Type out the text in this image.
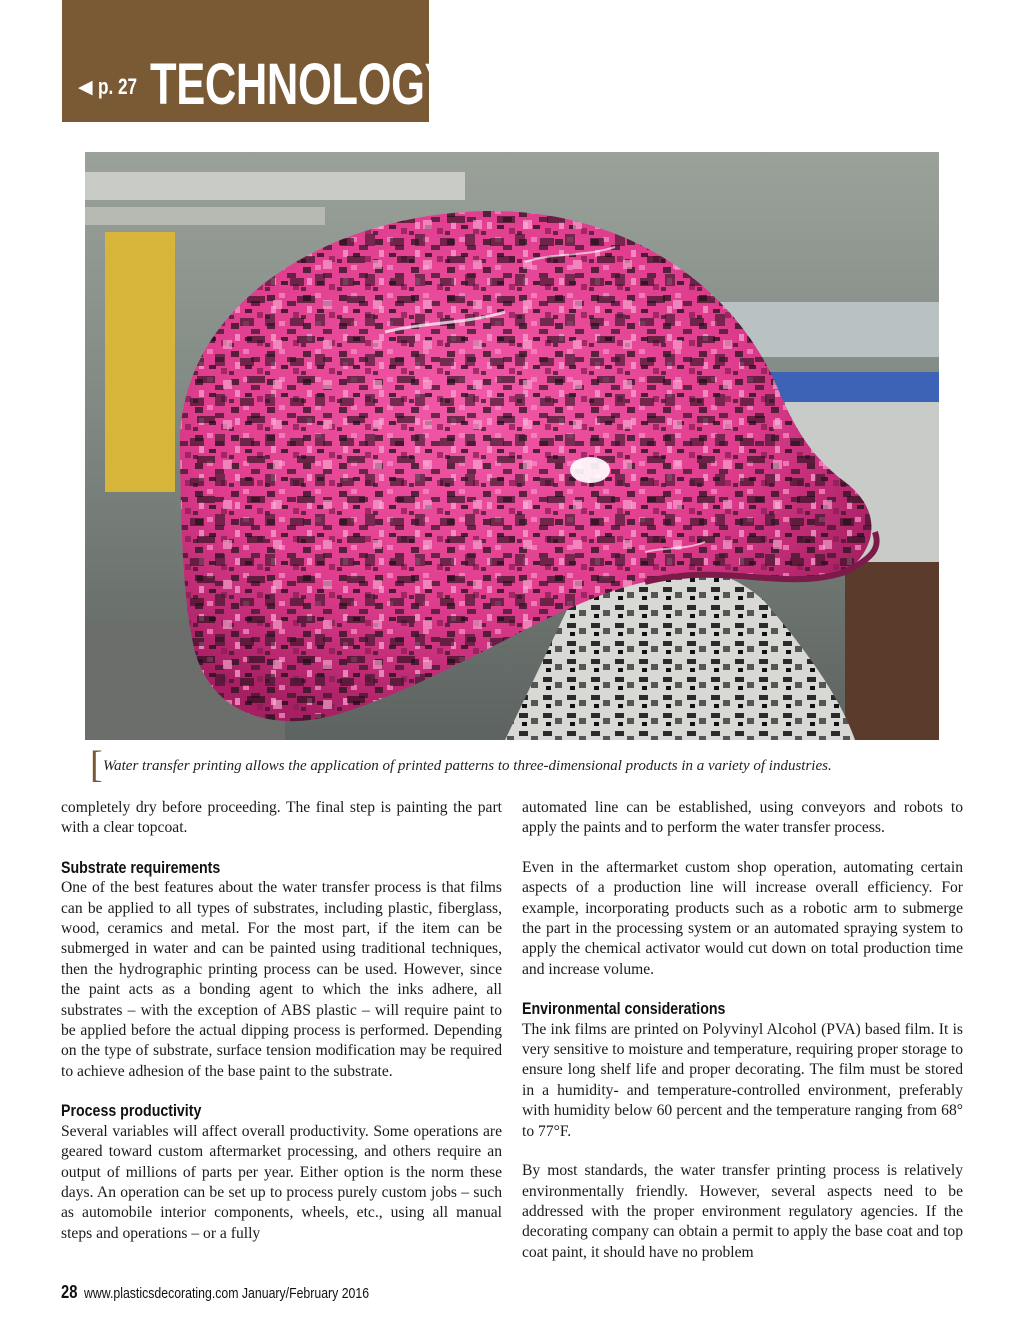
◀ p. 27 TECHNOLOGY
[ Water transfer printing allows the application of printed patterns to three-dimensional products in a variety of industries.

completely dry before proceeding. The final step is painting the part with a clear topcoat.

Substrate requirements

One of the best features about the water transfer process is that films can be applied to all types of substrates, including plastic, fiberglass, wood, ceramics and metal. For the most part, if the item can be submerged in water and can be painted using traditional techniques, then the hydrographic printing process can be used. However, since the paint acts as a bonding agent to which the inks adhere, all substrates – with the exception of ABS plastic – will require paint to be applied before the actual dipping process is performed. Depending on the type of substrate, surface tension modification may be required to achieve adhesion of the base paint to the substrate.

Process productivity

Several variables will affect overall productivity. Some operations are geared toward custom aftermarket processing, and others require an output of millions of parts per year. Either option is the norm these days. An operation can be set up to process purely custom jobs – such as automobile interior components, wheels, etc., using all manual steps and operations – or a fully

automated line can be established, using conveyors and robots to apply the paints and to perform the water transfer process.

Even in the aftermarket custom shop operation, automating certain aspects of a production line will increase overall efficiency. For example, incorporating products such as a robotic arm to submerge the part in the processing system or an automated spraying system to apply the chemical activator would cut down on total production time and increase volume.

Environmental considerations

The ink films are printed on Polyvinyl Alcohol (PVA) based film. It is very sensitive to moisture and temperature, requiring proper storage to ensure long shelf life and proper decorating. The film must be stored in a humidity- and temperature-controlled environment, preferably with humidity below 60 percent and the temperature ranging from 68° to 77°F.

By most standards, the water transfer printing process is relatively environmentally friendly. However, several aspects need to be addressed with the proper environment regulatory agencies. If the decorating company can obtain a permit to apply the base coat and top coat paint, it should have no problem

28 www.plasticsdecorating.com January/February 2016
